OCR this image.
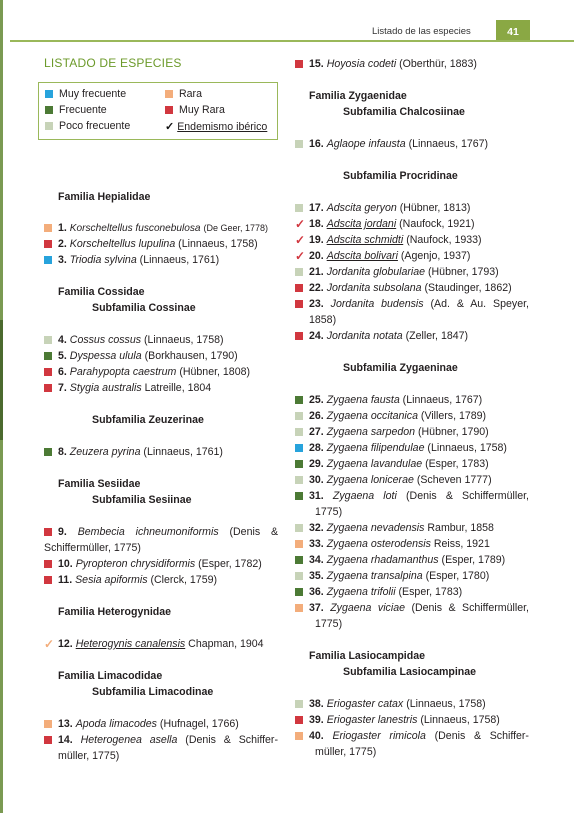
Listado de las especies	41
LISTADO DE ESPECIES
Muy frecuente	Rara
Frecuente	Muy Rara
Poco frecuente	✓ Endemismo ibérico
Familia Hepialidae
1. Korscheltellus fusconebulosa (De Geer, 1778)
2. Korscheltellus lupulina (Linnaeus, 1758)
3. Triodia sylvina (Linnaeus, 1761)
Familia Cossidae
Subfamilia Cossinae
4. Cossus cossus (Linnaeus, 1758)
5. Dyspessa ulula (Borkhausen, 1790)
6. Parahypopta caestrum (Hübner, 1808)
7. Stygia australis Latreille, 1804
Subfamilia Zeuzerinae
8. Zeuzera pyrina (Linnaeus, 1761)
Familia Sesiidae
Subfamilia Sesiinae
9. Bembecia ichneumoniformis (Denis &
Schiffermüller, 1775)
10. Pyropteron chrysidiformis (Esper, 1782)
11. Sesia apiformis (Clerck, 1759)
Familia Heterogynidae
✓ 12. Heterogynis canalensis Chapman, 1904
Familia Limacodidae
Subfamilia Limacodinae
13. Apoda limacodes (Hufnagel, 1766)
14. Heterogenea asella (Denis & Schiffer-
müller, 1775)
15. Hoyosia codeti (Oberthür, 1883)
Familia Zygaenidae
Subfamilia Chalcosiinae
16. Aglaope infausta (Linnaeus, 1767)
Subfamilia Procridinae
17. Adscita geryon (Hübner, 1813)
✓ 18. Adscita jordani (Naufock, 1921)
✓ 19. Adscita schmidti (Naufock, 1933)
✓ 20. Adscita bolivari (Agenjo, 1937)
21. Jordanita globulariae (Hübner, 1793)
22. Jordanita subsolana (Staudinger, 1862)
23. Jordanita budensis (Ad. & Au. Speyer,
1858)
24. Jordanita notata (Zeller, 1847)
Subfamilia Zygaeninae
25. Zygaena fausta (Linnaeus, 1767)
26. Zygaena occitanica (Villers, 1789)
27. Zygaena sarpedon (Hübner, 1790)
28. Zygaena filipendulae (Linnaeus, 1758)
29. Zygaena lavandulae (Esper, 1783)
30. Zygaena lonicerae (Scheven 1777)
31. Zygaena loti (Denis & Schiffermüller,
1775)
32. Zygaena nevadensis Rambur, 1858
33. Zygaena osterodensis Reiss, 1921
34. Zygaena rhadamanthus (Esper, 1789)
35. Zygaena transalpina (Esper, 1780)
36. Zygaena trifolii (Esper, 1783)
37. Zygaena viciae (Denis & Schiffermüller,
1775)
Familia Lasiocampidae
Subfamilia Lasiocampinae
38. Eriogaster catax (Linnaeus, 1758)
39. Eriogaster lanestris (Linnaeus, 1758)
40. Eriogaster rimicola (Denis & Schiffer-
müller, 1775)
